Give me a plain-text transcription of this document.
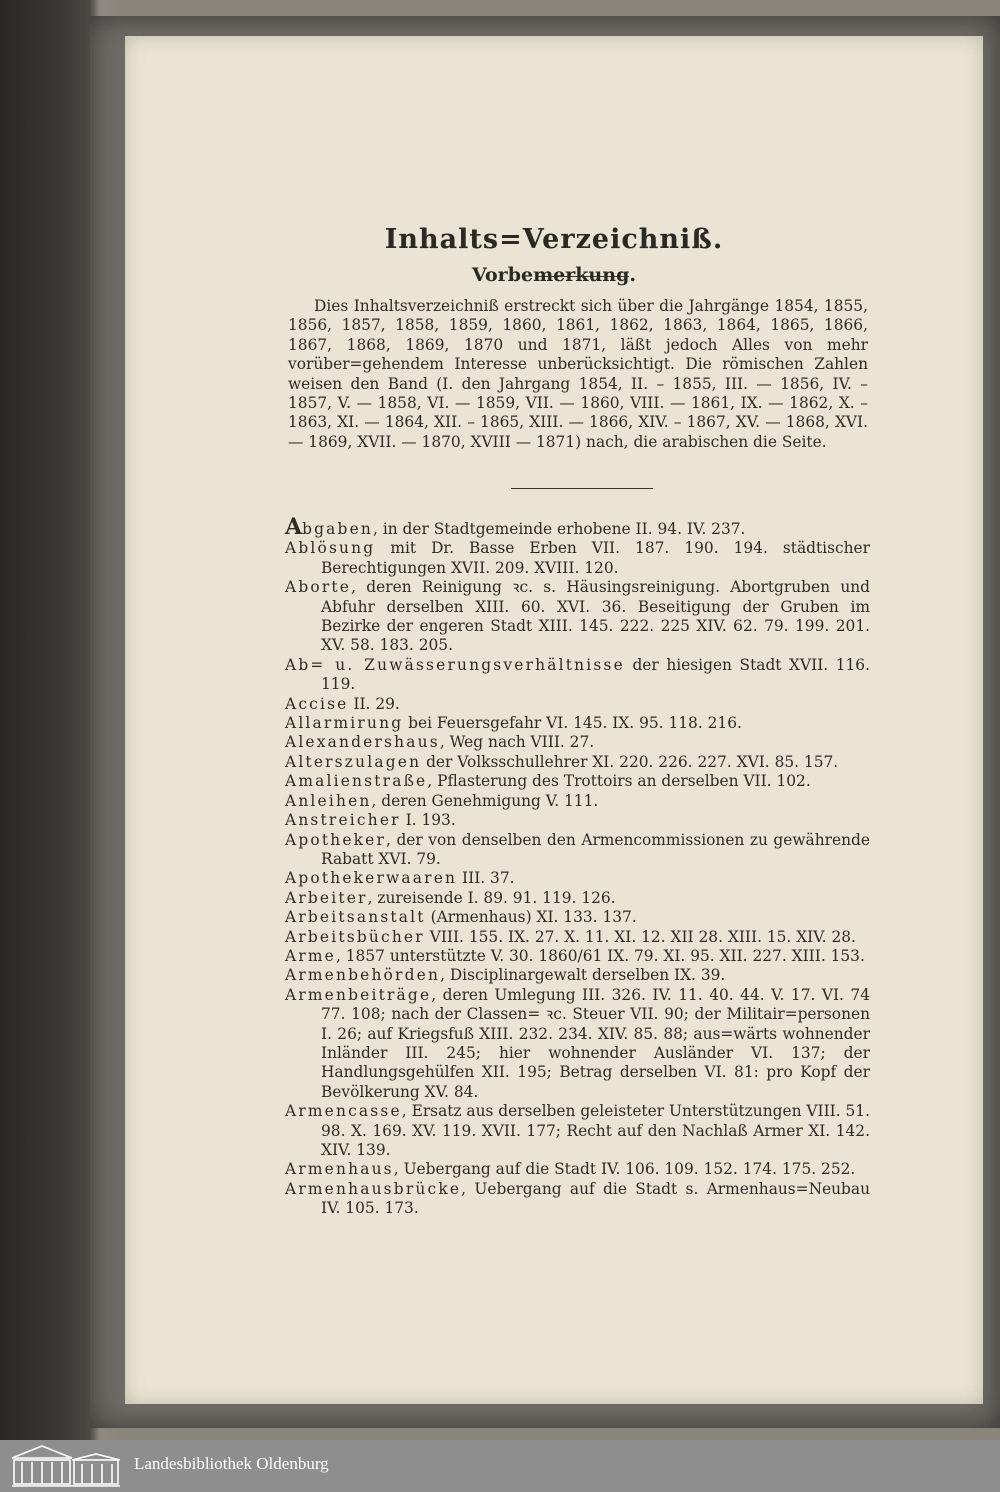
Inhalts=Verzeichniß.
Vorbemerkung.

Dies Inhaltsverzeichniß erstreckt sich über die Jahrgänge 1854, 1855, 1856, 1857, 1858, 1859, 1860, 1861, 1862, 1863, 1864, 1865, 1866, 1867, 1868, 1869, 1870 und 1871, läßt jedoch Alles von mehr vorüber=gehendem Interesse unberücksichtigt. Die römischen Zahlen weisen den Band (I. den Jahrgang 1854, II. – 1855, III. — 1856, IV. – 1857, V. — 1858, VI. — 1859, VII. — 1860, VIII. — 1861, IX. — 1862, X. – 1863, XI. — 1864, XII. – 1865, XIII. — 1866, XIV. – 1867, XV. — 1868, XVI. — 1869, XVII. — 1870, XVIII — 1871) nach, die arabischen die Seite.

Abgaben, in der Stadtgemeinde erhobene II. 94. IV. 237.
Ablösung mit Dr. Basse Erben VII. 187. 190. 194. städtischer Berechtigungen XVII. 209. XVIII. 120.
Aborte, deren Reinigung ꝛc. s. Häusingsreinigung. Abortgruben und Abfuhr derselben XIII. 60. XVI. 36. Beseitigung der Gruben im Bezirke der engeren Stadt XIII. 145. 222. 225 XIV. 62. 79. 199. 201. XV. 58. 183. 205.
Ab= u. Zuwässerungsverhältnisse der hiesigen Stadt XVII. 116. 119.
Accise II. 29.
Allarmirung bei Feuersgefahr VI. 145. IX. 95. 118. 216.
Alexandershaus, Weg nach VIII. 27.
Alterszulagen der Volksschullehrer XI. 220. 226. 227. XVI. 85. 157.
Amalienstraße, Pflasterung des Trottoirs an derselben VII. 102.
Anleihen, deren Genehmigung V. 111.
Anstreicher I. 193.
Apotheker, der von denselben den Armencommissionen zu gewährende Rabatt XVI. 79.
Apothekerwaaren III. 37.
Arbeiter, zureisende I. 89. 91. 119. 126.
Arbeitsanstalt (Armenhaus) XI. 133. 137.
Arbeitsbücher VIII. 155. IX. 27. X. 11. XI. 12. XII 28. XIII. 15. XIV. 28.
Arme, 1857 unterstützte V. 30. 1860/61 IX. 79. XI. 95. XII. 227. XIII. 153.
Armenbehörden, Disciplinargewalt derselben IX. 39.
Armenbeiträge, deren Umlegung III. 326. IV. 11. 40. 44. V. 17. VI. 74 77. 108; nach der Classen= ꝛc. Steuer VII. 90; der Militair=personen I. 26; auf Kriegsfuß XIII. 232. 234. XIV. 85. 88; aus=wärts wohnender Inländer III. 245; hier wohnender Ausländer VI. 137; der Handlungsgehülfen XII. 195; Betrag derselben VI. 81: pro Kopf der Bevölkerung XV. 84.
Armencasse, Ersatz aus derselben geleisteter Unterstützungen VIII. 51. 98. X. 169. XV. 119. XVII. 177; Recht auf den Nachlaß Armer XI. 142. XIV. 139.
Armenhaus, Uebergang auf die Stadt IV. 106. 109. 152. 174. 175. 252.
Armenhausbrücke, Uebergang auf die Stadt s. Armenhaus=Neubau IV. 105. 173.
Landesbibliothek Oldenburg
